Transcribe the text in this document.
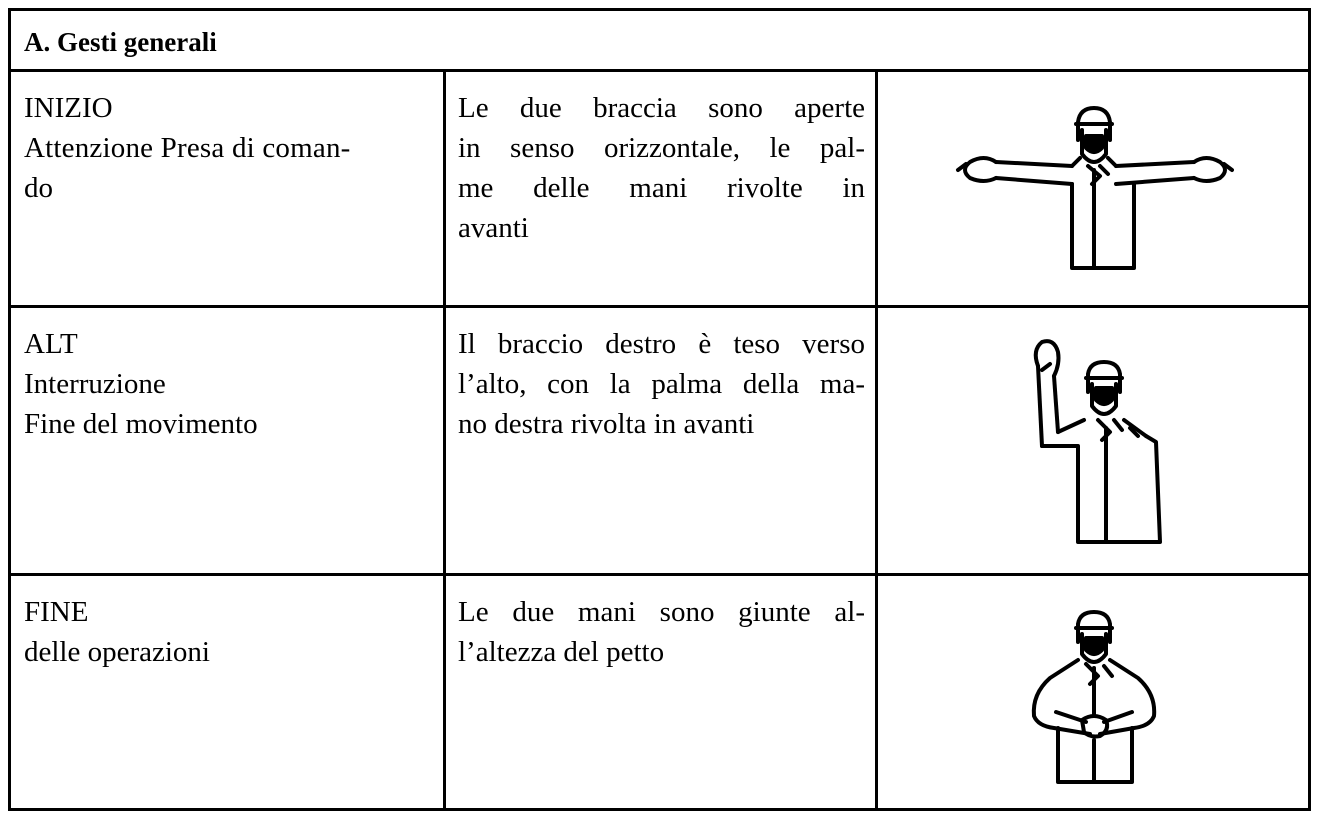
A. Gesti generali
INIZIO
Attenzione Presa di coman-
do
Le due braccia sono aperte
in senso orizzontale, le pal-
me delle mani rivolte in
avanti
ALT
Interruzione
Fine del movimento
Il braccio destro è teso verso
l’alto, con la palma della ma-
no destra rivolta in avanti
FINE
delle operazioni
Le due mani sono giunte al-
l’altezza del petto
